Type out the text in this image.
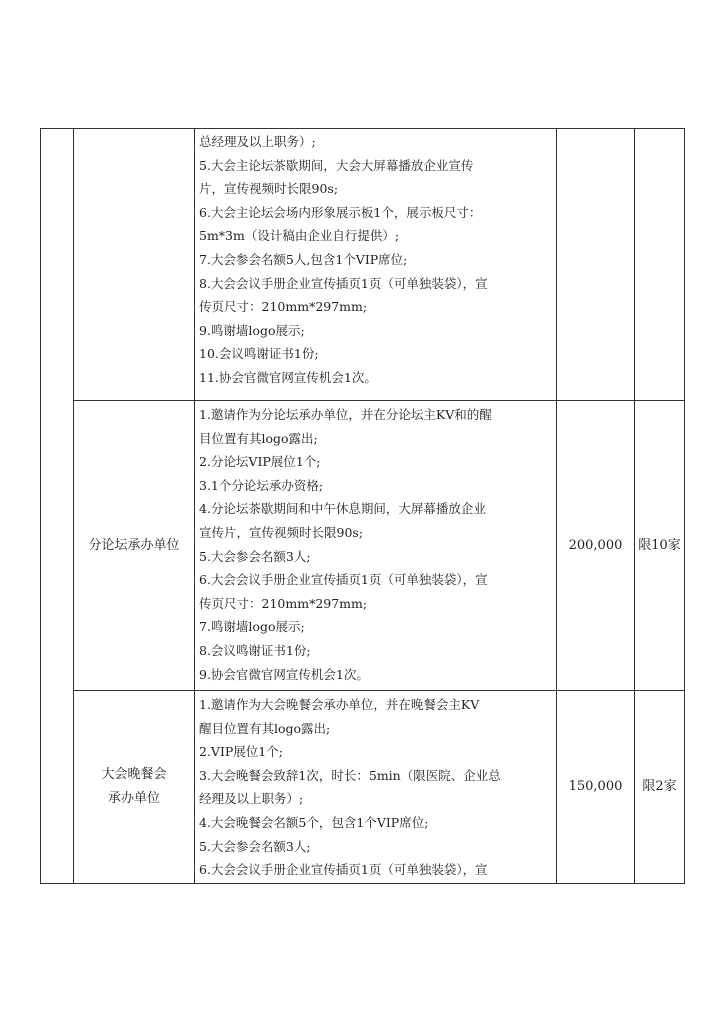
总经理及以上职务）;
5.大会主论坛茶歇期间，大会大屏幕播放企业宣传
片，宣传视频时长限90s;
6.大会主论坛会场内形象展示板1个，展示板尺寸：
5m*3m（设计稿由企业自行提供）;
7.大会参会名额5人,包含1个VIP席位;
8.大会会议手册企业宣传插页1页（可单独装袋），宣
传页尺寸：210mm*297mm;
9.鸣谢墙logo展示;
10.会议鸣谢证书1份;
11.协会官微官网宣传机会1次。
分论坛承办单位
1.邀请作为分论坛承办单位，并在分论坛主KV和的醒
目位置有其logo露出;
2.分论坛VIP展位1个;
3.1个分论坛承办资格;
4.分论坛茶歇期间和中午休息期间，大屏幕播放企业
宣传片，宣传视频时长限90s;
5.大会参会名额3人;
6.大会会议手册企业宣传插页1页（可单独装袋），宣
传页尺寸：210mm*297mm;
7.鸣谢墙logo展示;
8.会议鸣谢证书1份;
9.协会官微官网宣传机会1次。
200,000 限10家
大会晚餐会
承办单位
1.邀请作为大会晚餐会承办单位，并在晚餐会主KV
醒目位置有其logo露出;
2.VIP展位1个;
3.大会晚餐会致辞1次，时长：5min（限医院、企业总
经理及以上职务）;
4.大会晚餐会名额5个，包含1个VIP席位;
5.大会参会名额3人;
6.大会会议手册企业宣传插页1页（可单独装袋），宣
150,000 限2家
